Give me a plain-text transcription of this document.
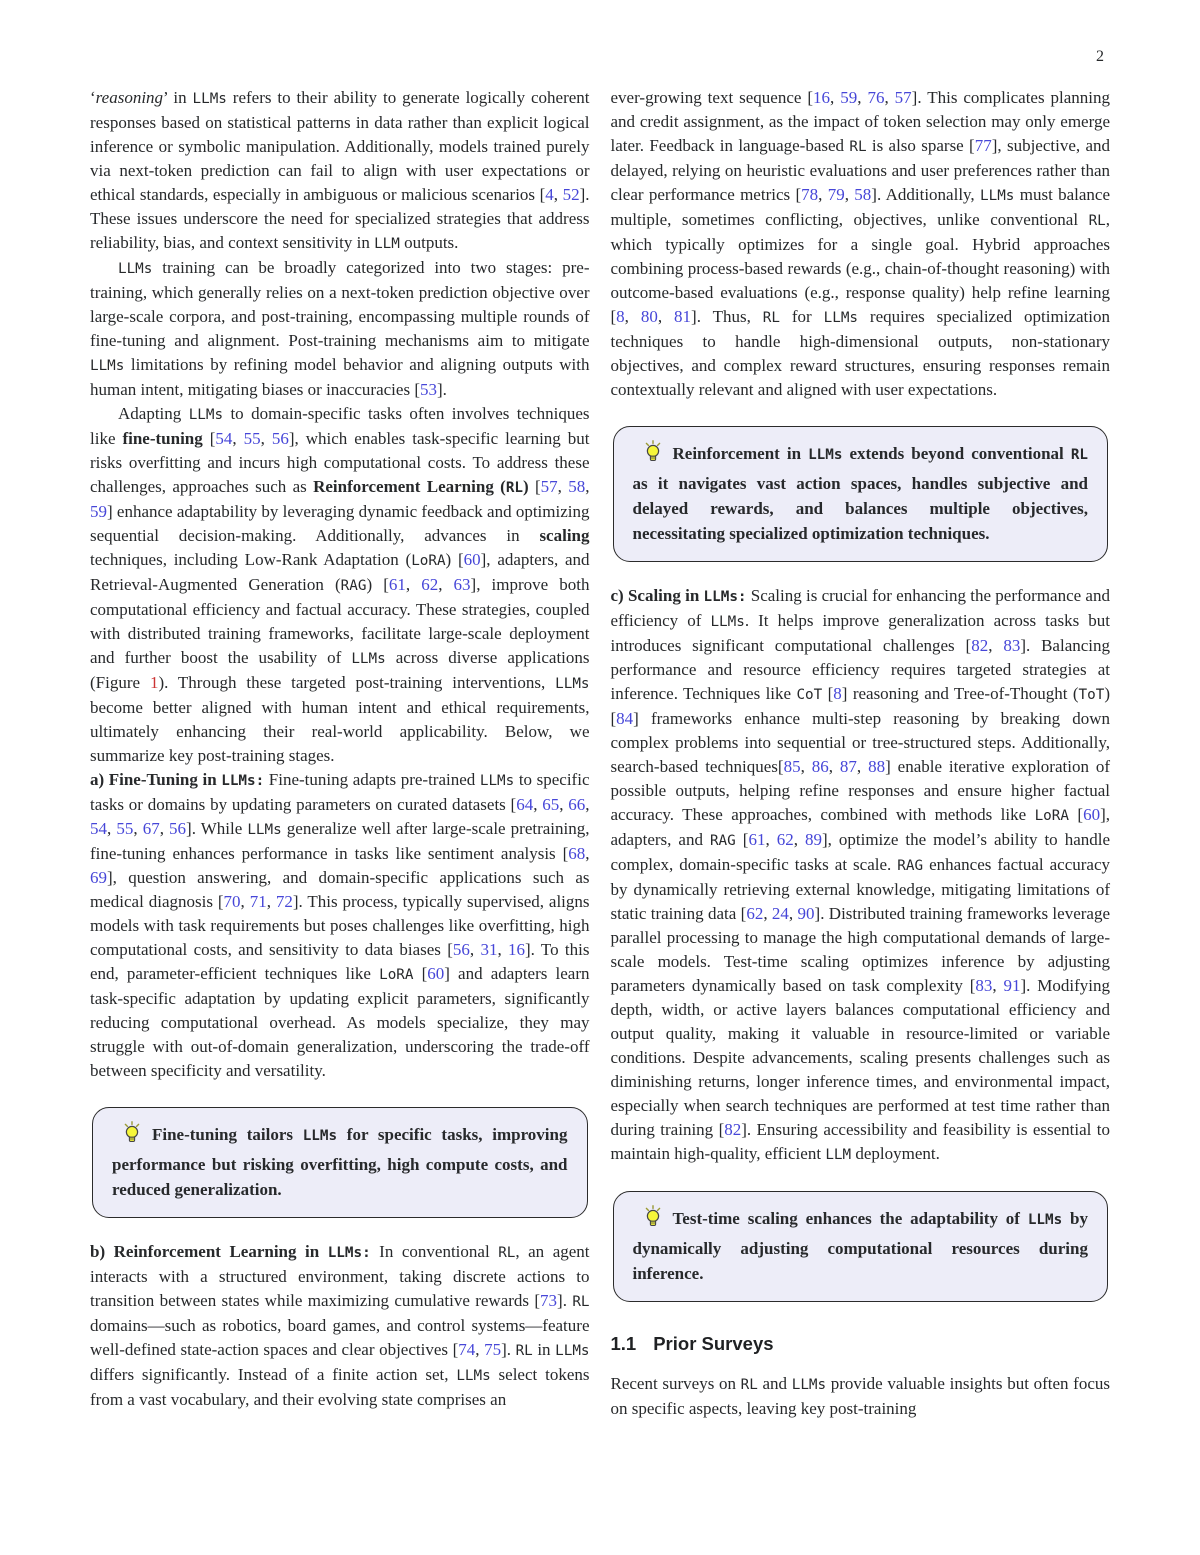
2

‘reasoning’ in LLMs refers to their ability to generate logically coherent responses based on statistical patterns in data rather than explicit logical inference or symbolic manipulation. Additionally, models trained purely via next-token prediction can fail to align with user expectations or ethical standards, especially in ambiguous or malicious scenarios [4, 52]. These issues underscore the need for specialized strategies that address reliability, bias, and context sensitivity in LLM outputs.

LLMs training can be broadly categorized into two stages: pre-training, which generally relies on a next-token prediction objective over large-scale corpora, and post-training, encompassing multiple rounds of fine-tuning and alignment. Post-training mechanisms aim to mitigate LLMs limitations by refining model behavior and aligning outputs with human intent, mitigating biases or inaccuracies [53].

Adapting LLMs to domain-specific tasks often involves techniques like fine-tuning [54, 55, 56], which enables task-specific learning but risks overfitting and incurs high computational costs. To address these challenges, approaches such as Reinforcement Learning (RL) [57, 58, 59] enhance adaptability by leveraging dynamic feedback and optimizing sequential decision-making. Additionally, advances in scaling techniques, including Low-Rank Adaptation (LoRA) [60], adapters, and Retrieval-Augmented Generation (RAG) [61, 62, 63], improve both computational efficiency and factual accuracy. These strategies, coupled with distributed training frameworks, facilitate large-scale deployment and further boost the usability of LLMs across diverse applications (Figure 1). Through these targeted post-training interventions, LLMs become better aligned with human intent and ethical requirements, ultimately enhancing their real-world applicability. Below, we summarize key post-training stages.

a) Fine-Tuning in LLMs: Fine-tuning adapts pre-trained LLMs to specific tasks or domains by updating parameters on curated datasets [64, 65, 66, 54, 55, 67, 56]. While LLMs generalize well after large-scale pretraining, fine-tuning enhances performance in tasks like sentiment analysis [68, 69], question answering, and domain-specific applications such as medical diagnosis [70, 71, 72]. This process, typically supervised, aligns models with task requirements but poses challenges like overfitting, high computational costs, and sensitivity to data biases [56, 31, 16]. To this end, parameter-efficient techniques like LoRA [60] and adapters learn task-specific adaptation by updating explicit parameters, significantly reducing computational overhead. As models specialize, they may struggle with out-of-domain generalization, underscoring the trade-off between specificity and versatility.

Fine-tuning tailors LLMs for specific tasks, improving performance but risking overfitting, high compute costs, and reduced generalization.

b) Reinforcement Learning in LLMs: In conventional RL, an agent interacts with a structured environment, taking discrete actions to transition between states while maximizing cumulative rewards [73]. RL domains—such as robotics, board games, and control systems—feature well-defined state-action spaces and clear objectives [74, 75]. RL in LLMs differs significantly. Instead of a finite action set, LLMs select tokens from a vast vocabulary, and their evolving state comprises an

ever-growing text sequence [16, 59, 76, 57]. This complicates planning and credit assignment, as the impact of token selection may only emerge later. Feedback in language-based RL is also sparse [77], subjective, and delayed, relying on heuristic evaluations and user preferences rather than clear performance metrics [78, 79, 58]. Additionally, LLMs must balance multiple, sometimes conflicting, objectives, unlike conventional RL, which typically optimizes for a single goal. Hybrid approaches combining process-based rewards (e.g., chain-of-thought reasoning) with outcome-based evaluations (e.g., response quality) help refine learning [8, 80, 81]. Thus, RL for LLMs requires specialized optimization techniques to handle high-dimensional outputs, non-stationary objectives, and complex reward structures, ensuring responses remain contextually relevant and aligned with user expectations.

Reinforcement in LLMs extends beyond conventional RL as it navigates vast action spaces, handles subjective and delayed rewards, and balances multiple objectives, necessitating specialized optimization techniques.

c) Scaling in LLMs: Scaling is crucial for enhancing the performance and efficiency of LLMs. It helps improve generalization across tasks but introduces significant computational challenges [82, 83]. Balancing performance and resource efficiency requires targeted strategies at inference. Techniques like CoT [8] reasoning and Tree-of-Thought (ToT) [84] frameworks enhance multi-step reasoning by breaking down complex problems into sequential or tree-structured steps. Additionally, search-based techniques[85, 86, 87, 88] enable iterative exploration of possible outputs, helping refine responses and ensure higher factual accuracy. These approaches, combined with methods like LoRA [60], adapters, and RAG [61, 62, 89], optimize the model’s ability to handle complex, domain-specific tasks at scale. RAG enhances factual accuracy by dynamically retrieving external knowledge, mitigating limitations of static training data [62, 24, 90]. Distributed training frameworks leverage parallel processing to manage the high computational demands of large-scale models. Test-time scaling optimizes inference by adjusting parameters dynamically based on task complexity [83, 91]. Modifying depth, width, or active layers balances computational efficiency and output quality, making it valuable in resource-limited or variable conditions. Despite advancements, scaling presents challenges such as diminishing returns, longer inference times, and environmental impact, especially when search techniques are performed at test time rather than during training [82]. Ensuring accessibility and feasibility is essential to maintain high-quality, efficient LLM deployment.

Test-time scaling enhances the adaptability of LLMs by dynamically adjusting computational resources during inference.
1.1 Prior Surveys

Recent surveys on RL and LLMs provide valuable insights but often focus on specific aspects, leaving key post-training
